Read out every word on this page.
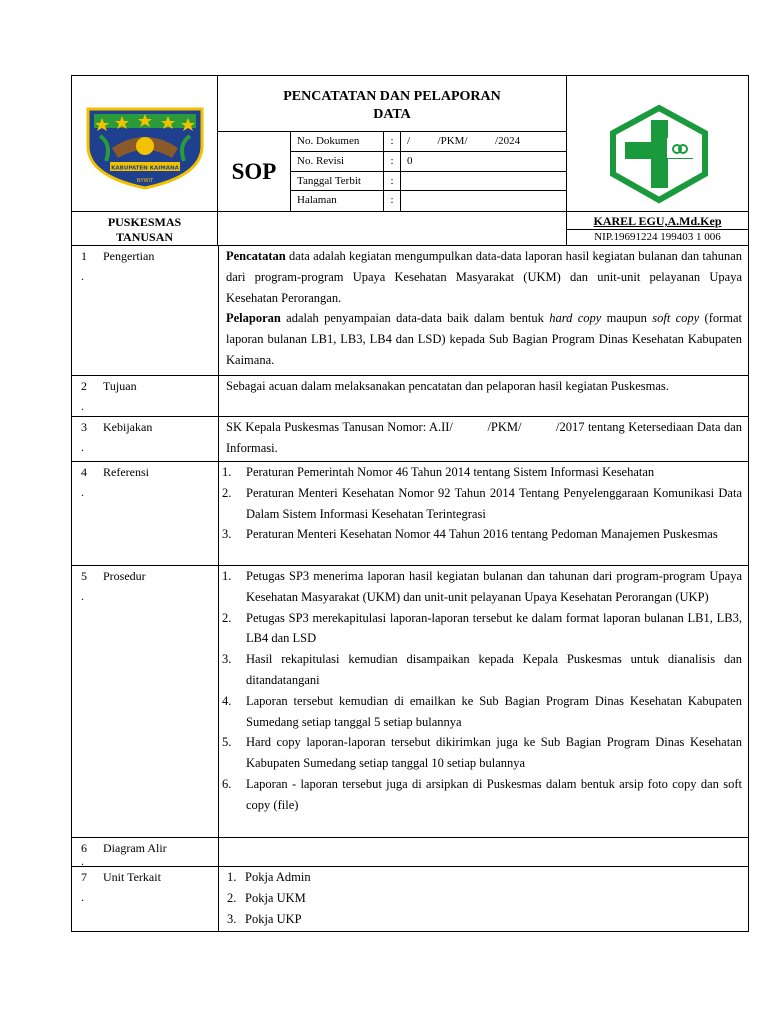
KABUPATEN KAIMANA
NYWIT
PENCATATAN DAN PELAPORAN
DATA
SOP
No. Dokumen	:	/          /PKM/          /2024
No. Revisi	:	0
Tanggal Terbit	:
Halaman	:
PUSKESMAS
TANUSAN
KAREL EGU,A.Md.Kep
NIP.19691224 199403 1 006
1
.
Pengertian	Pencatatan data adalah kegiatan mengumpulkan data-data laporan hasil kegiatan bulanan dan tahunan dari program-program Upaya Kesehatan Masyarakat (UKM) dan unit-unit pelayanan Upaya Kesehatan Perorangan.

Pelaporan adalah penyampaian data-data baik dalam bentuk hard copy maupun soft copy (format laporan bulanan LB1, LB3, LB4 dan LSD) kepada Sub Bagian Program Dinas Kesehatan Kabupaten Kaimana.

2
.
Tujuan	Sebagai acuan dalam melaksanakan pencatatan dan pelaporan hasil kegiatan Puskesmas.
3
.
Kebijakan	SK Kepala Puskesmas Tanusan Nomor: A.II/          /PKM/          /2017 tentang Ketersediaan Data dan Informasi.
4
.
Referensi	1.	Peraturan Pemerintah Nomor 46 Tahun 2014 tentang Sistem Informasi Kesehatan
2.	Peraturan Menteri Kesehatan Nomor 92 Tahun 2014 Tentang Penyelenggaraan Komunikasi Data Dalam Sistem Informasi Kesehatan Terintegrasi
3.	Peraturan Menteri Kesehatan Nomor 44 Tahun 2016 tentang Pedoman Manajemen Puskesmas
5
.
Prosedur	1.	Petugas SP3 menerima laporan hasil kegiatan bulanan dan tahunan dari program-program Upaya Kesehatan Masyarakat (UKM) dan unit-unit pelayanan Upaya Kesehatan Perorangan (UKP)
2.	Petugas SP3 merekapitulasi laporan-laporan tersebut ke dalam format laporan bulanan LB1, LB3, LB4 dan LSD
3.	Hasil rekapitulasi kemudian disampaikan kepada Kepala Puskesmas untuk dianalisis dan ditandatangani
4.	Laporan tersebut kemudian di emailkan ke Sub Bagian Program Dinas Kesehatan Kabupaten Sumedang setiap tanggal 5 setiap bulannya
5.	Hard copy laporan-laporan tersebut dikirimkan juga ke Sub Bagian Program Dinas Kesehatan Kabupaten Sumedang setiap tanggal 10 setiap bulannya
6.	Laporan - laporan tersebut juga di arsipkan di Puskesmas dalam bentuk arsip foto copy dan soft copy (file)
6
.
Diagram Alir
7
.
Unit Terkait	1. Pokja Admin
2. Pokja UKM
3. Pokja UKP
